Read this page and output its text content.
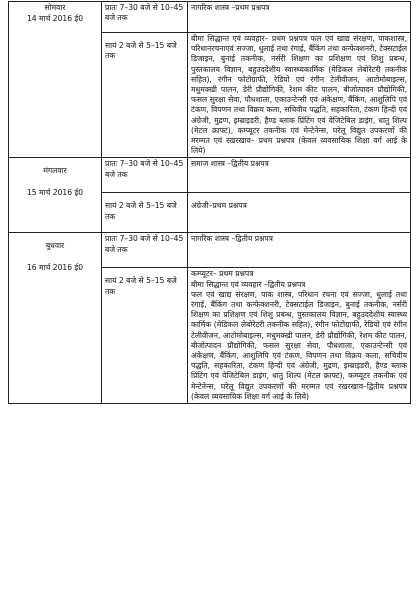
सोमवार
14 मार्च 2016 ई0	प्रातः 7–30 बजे से 10–45 बजे तक	नागरिक शास्त्र –प्रथम प्रश्नपत्र
	सायं 2 बजे से 5–15 बजे तक	बीमा सिद्धान्त एवं व्यवहार– प्रथम प्रश्नपत्र फल एवं खाद्य संरक्षण, पाकशास्त्र, परिधानरचनाएवं सज्जा, धुलाई तथा रंगाई, बैंकिंग तथा कन्फेक्शनरी, टेक्सटाईल डिजाइन, बुनाई तकनीक, नर्सरी शिक्षण का प्रशिक्षण एवं शिशु प्रबन्ध, पुस्तकालय विज्ञान, बहुउददेशीय स्वास्थ्यकार्मिक (मेडिकल लेबोरेटरी तकनीक सहित), रंगीन फोटोग्राफी, रेडियो एवं रंगीन टेलीवीजन, आटोमोबाइल्स, मधुमक्खी पालन, डेरी प्रौद्योगिकी, रेशम कीट पालन, बीजोत्पादन प्रौद्योगिकी, फसल सुरक्षा सेवा, पौधशाला, एकाउन्टेन्सी एवं अंकेक्षण, बैंकिंग, आशुलिपि एवं टंकण, विपणन तथा विक्रय कला, सचिवीय पद्धति, सहकारिता, टंकण हिन्दी एवं अंग्रेजी, मुद्रण, इम्ब्राइडरी, हैण्ड ब्लाक प्रिंटिंग एवं वेजिटेबिल डाइंग, धातु शिल्प (मेटल क्राफ्ट), कम्प्यूटर तकनीक एवं मेन्टेनेन्स, घरेलू विद्युत उपकरणों की मरम्मत एवं रखरखाव– प्रथम प्रश्नपत्र (केवल व्यवसायिक शिक्षा वर्ग आई के लिये)

मंगलवार
15 मार्च 2016 ई0	प्रातः 7–30 बजे से 10–45 बजे तक	समाज शास्त्र –द्वितीय प्रश्नपत्र
	सायं 2 बजे से 5–15 बजे तक	अंग्रेजी–प्रथम प्रश्नपत्र

बुधवार
16 मार्च 2016 ई0	प्रातः 7–30 बजे से 10–45 बजे तक	नागरिक शास्त्र –द्वितीय प्रश्नपत्र
	सायं 2 बजे से 5–15 बजे तक	कम्प्यूटर– प्रथम प्रश्नपत्र
बीमा सिद्धान्त एवं व्यवहार –द्वितीय प्रश्नपत्र
फल एवं खाद्य संरक्षण, पाक शास्त्र, परिधान रचना एवं सज्जा, धुलाई तथा रंगाई, बैंकिंग तथा कन्फेक्शनरी, टेक्सटाईल डिजाइन, बुनाई तकनीक, नर्सरी शिक्षण का प्रशिक्षण एवं शिशु प्रबन्ध, पुस्तकालय विज्ञान, बहुउददेशीय स्वास्थ्य कार्मिक (मेडिकल लेबोरेटरी तकनीक सहित), रंगीन फोटोग्राफी, रेडियो एवं रंगीन टेलीवीजन, आटोमोबाइल्स, मधुमक्खी पालन, डेरी प्रौद्योगिकी, रेशम कीट पालन, बीजोत्पादन प्रौद्योगिकी, फसल सुरक्षा सेवा, पौधशाला, एकाउन्टेन्सी एवं अंकेक्षण, बैंकिंग, आशुलिपि एवं टंकण, विपणन तथा विक्रय कला, सचिवीय पद्धति, सहकारिता, टंकण हिन्दी एवं अंग्रेजी, मुद्रण, इम्ब्राइडरी, हैण्ड ब्लाक प्रिंटिंग एवं वेजिटेबिल डाइंग, धातु शिल्प (मेटल क्राफ्ट), कम्प्यूटर तकनीक एवं मेन्टेनेन्स, घरेलू विद्युत उपकरणों की मरम्मत एवं रखरखाव–द्वितीय प्रश्नपत्र (केवल व्यवसायिक शिक्षा वर्ग आई के लिये)
